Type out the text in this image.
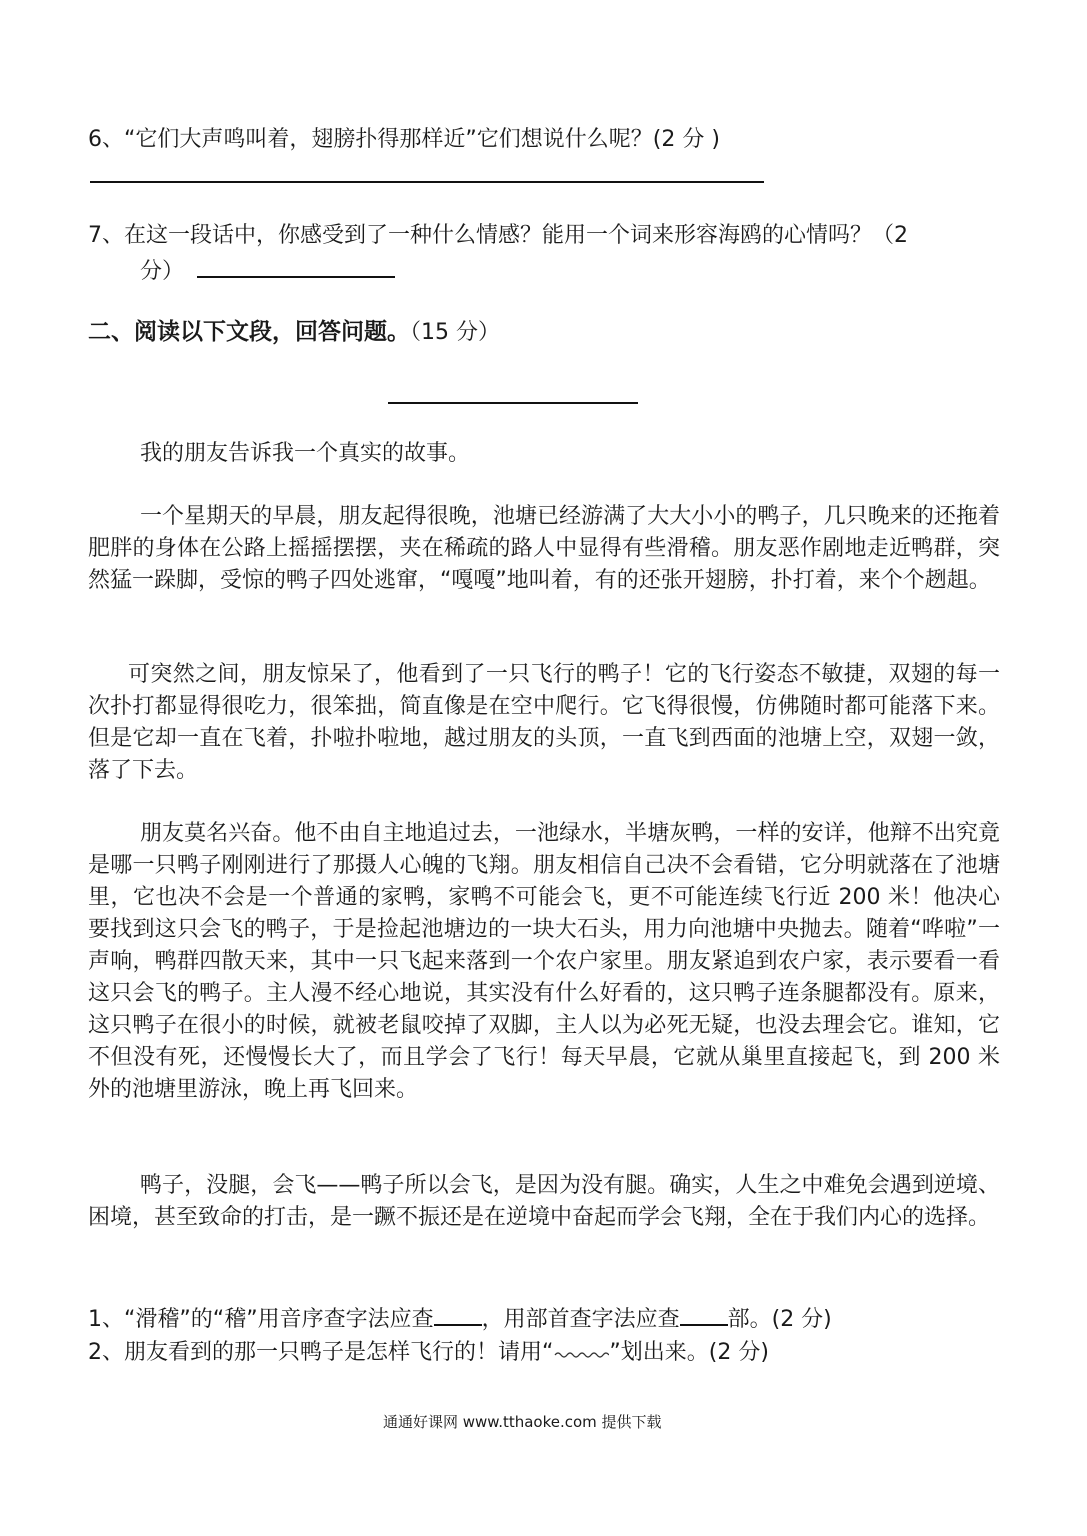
6、“它们大声鸣叫着，翅膀扑得那样近”它们想说什么呢？(2 分 )
7、在这一段话中，你感受到了一种什么情感？能用一个词来形容海鸥的心情吗？（2
分）
二、阅读以下文段，回答问题。（15 分）
我的朋友告诉我一个真实的故事。
一个星期天的早晨，朋友起得很晚，池塘已经游满了大大小小的鸭子，几只晚来的还拖着肥胖的身体在公路上摇摇摆摆，夹在稀疏的路人中显得有些滑稽。朋友恶作剧地走近鸭群，突然猛一跺脚，受惊的鸭子四处逃窜，“嘎嘎”地叫着，有的还张开翅膀，扑打着，来个个趔趄。
可突然之间，朋友惊呆了，他看到了一只飞行的鸭子！它的飞行姿态不敏捷，双翅的每一次扑打都显得很吃力，很笨拙，简直像是在空中爬行。它飞得很慢，仿佛随时都可能落下来。但是它却一直在飞着，扑啦扑啦地，越过朋友的头顶，一直飞到西面的池塘上空，双翅一敛，落了下去。
朋友莫名兴奋。他不由自主地追过去，一池绿水，半塘灰鸭，一样的安详，他辩不出究竟是哪一只鸭子刚刚进行了那摄人心魄的飞翔。朋友相信自己决不会看错，它分明就落在了池塘里，它也决不会是一个普通的家鸭，家鸭不可能会飞，更不可能连续飞行近 200 米！他决心要找到这只会飞的鸭子，于是捡起池塘边的一块大石头，用力向池塘中央抛去。随着“哗啦”一声响，鸭群四散天来，其中一只飞起来落到一个农户家里。朋友紧追到农户家，表示要看一看这只会飞的鸭子。主人漫不经心地说，其实没有什么好看的，这只鸭子连条腿都没有。原来，这只鸭子在很小的时候，就被老鼠咬掉了双脚，主人以为必死无疑，也没去理会它。谁知，它不但没有死，还慢慢长大了，而且学会了飞行！每天早晨，它就从巢里直接起飞，到 200 米外的池塘里游泳，晚上再飞回来。
鸭子，没腿，会飞——鸭子所以会飞，是因为没有腿。确实，人生之中难免会遇到逆境、困境，甚至致命的打击，是一蹶不振还是在逆境中奋起而学会飞翔，全在于我们内心的选择。
1、“滑稽”的“稽”用音序查字法应查 ，用部首查字法应查 部。(2 分)
2、朋友看到的那一只鸭子是怎样飞行的！请用“	”划出来。(2 分)
通通好课网 www.tthaoke.com 提供下载
